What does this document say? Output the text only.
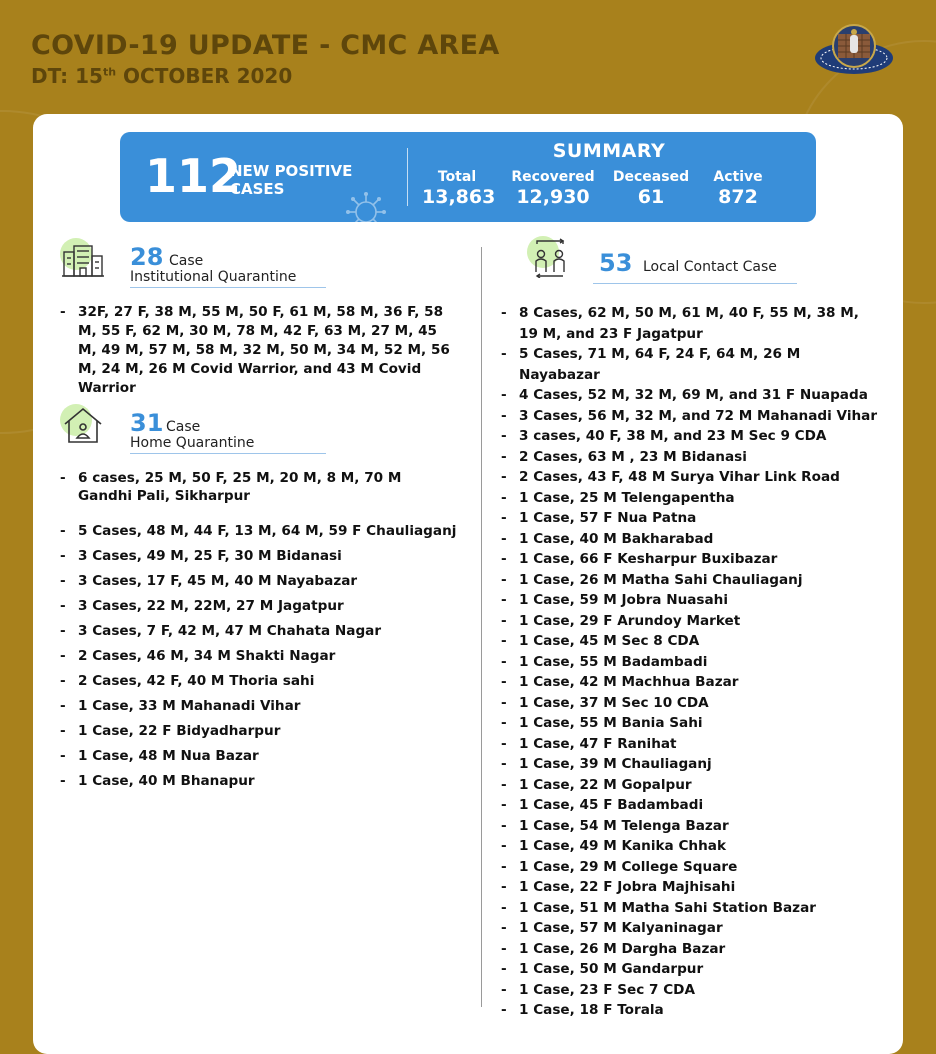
COVID-19 UPDATE - CMC AREA
DT: 15th OCTOBER 2020
112
NEW POSITIVE CASES
SUMMARY
Total
13,863
Recovered
12,930
Deceased
61
Active
872
28 Case
Institutional Quarantine
- 32F, 27 F, 38 M, 55 M, 50 F, 61 M, 58 M, 36 F, 58 M, 55 F, 62 M, 30 M, 78 M, 42 F, 63 M, 27 M, 45 M, 49 M, 57 M, 58 M, 32 M, 50 M, 34 M, 52 M, 56 M, 24 M, 26 M Covid Warrior, and 43 M Covid Warrior
31 Case
Home Quarantine
- 6 cases, 25 M, 50 F, 25 M, 20 M, 8 M, 70 M Gandhi Pali, Sikharpur
- 5 Cases, 48 M, 44 F, 13 M, 64 M, 59 F Chauliaganj
- 3 Cases, 49 M, 25 F, 30 M Bidanasi
- 3 Cases, 17 F, 45 M, 40 M Nayabazar
- 3 Cases, 22 M, 22M, 27 M Jagatpur
- 3 Cases, 7 F, 42 M, 47 M Chahata Nagar
- 2 Cases, 46 M, 34 M Shakti Nagar
- 2 Cases, 42 F, 40 M Thoria sahi
- 1 Case, 33 M Mahanadi Vihar
- 1 Case, 22 F Bidyadharpur
- 1 Case, 48 M Nua Bazar
- 1 Case, 40 M Bhanapur
53 Local Contact Case
- 8 Cases, 62 M, 50 M, 61 M, 40 F, 55 M, 38 M, 19 M, and 23 F Jagatpur
- 5 Cases, 71 M, 64 F, 24 F, 64 M, 26 M Nayabazar
- 4 Cases, 52 M, 32 M, 69 M, and 31 F Nuapada
- 3 Cases, 56 M, 32 M, and 72 M Mahanadi Vihar
- 3 cases, 40 F, 38 M, and 23 M Sec 9 CDA
- 2 Cases, 63 M , 23 M Bidanasi
- 2 Cases, 43 F, 48 M Surya Vihar Link Road
- 1 Case, 25 M Telengapentha
- 1 Case, 57 F Nua Patna
- 1 Case, 40 M Bakharabad
- 1 Case, 66 F Kesharpur Buxibazar
- 1 Case, 26 M Matha Sahi Chauliaganj
- 1 Case, 59 M Jobra Nuasahi
- 1 Case, 29 F Arundoy Market
- 1 Case, 45 M Sec 8 CDA
- 1 Case, 55 M Badambadi
- 1 Case, 42 M Machhua Bazar
- 1 Case, 37 M Sec 10 CDA
- 1 Case, 55 M Bania Sahi
- 1 Case, 47 F Ranihat
- 1 Case, 39 M Chauliaganj
- 1 Case, 22 M Gopalpur
- 1 Case, 45 F Badambadi
- 1 Case, 54 M Telenga Bazar
- 1 Case, 49 M Kanika Chhak
- 1 Case, 29 M College Square
- 1 Case, 22 F Jobra Majhisahi
- 1 Case, 51 M Matha Sahi Station Bazar
- 1 Case, 57 M Kalyaninagar
- 1 Case, 26 M Dargha Bazar
- 1 Case, 50 M Gandarpur
- 1 Case, 23 F Sec 7 CDA
- 1 Case, 18 F Torala
